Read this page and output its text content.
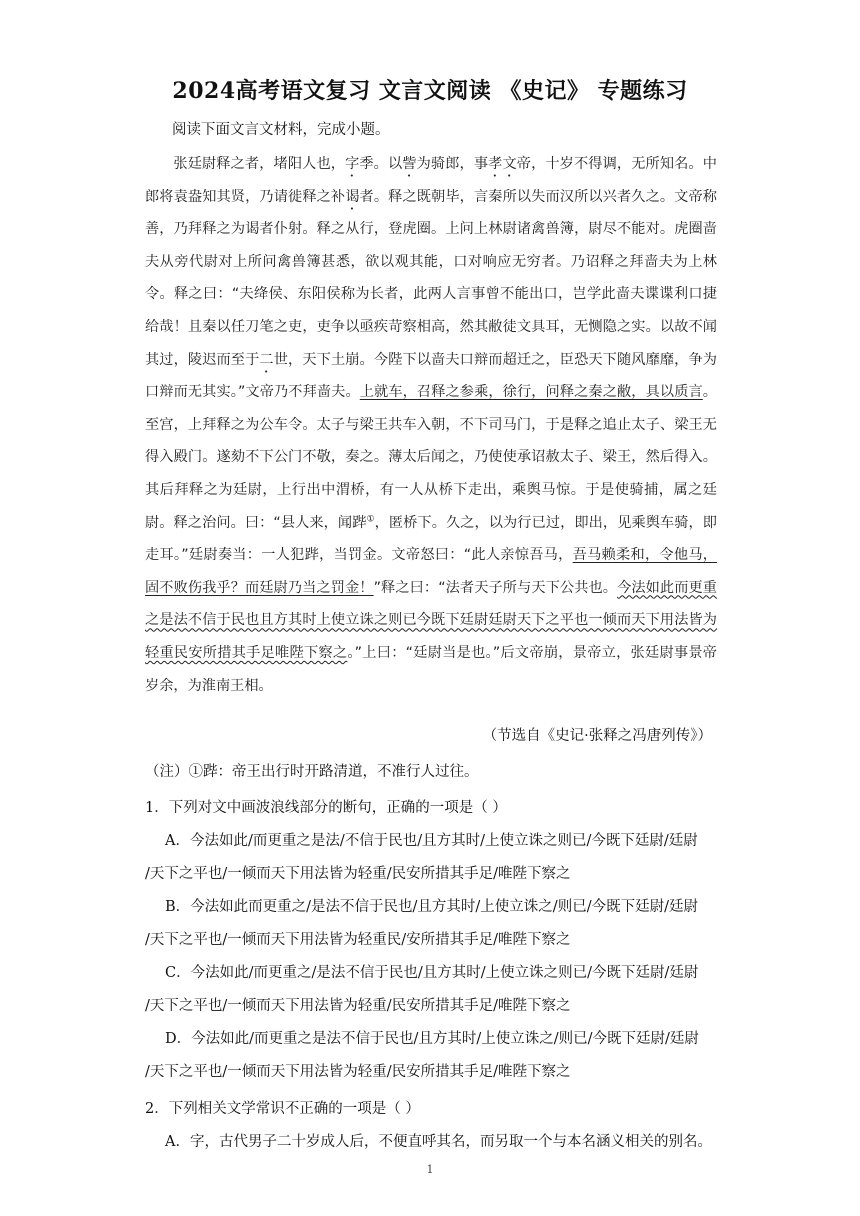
2024高考语文复习 文言文阅读 《史记》 专题练习
阅读下面文言文材料，完成小题。

张廷尉释之者，堵阳人也，字季。以訾为骑郎，事孝文帝，十岁不得调，无所知名。中郎将袁盎知其贤，乃请徙释之补谒者。释之既朝毕，言秦所以失而汉所以兴者久之。文帝称善，乃拜释之为谒者仆射。释之从行，登虎圈。上问上林尉诸禽兽簿，尉尽不能对。虎圈啬夫从旁代尉对上所问禽兽簿甚悉，欲以观其能，口对响应无穷者。乃诏释之拜啬夫为上林令。释之曰：“夫绛侯、东阳侯称为长者，此两人言事曾不能出口，岂学此啬夫谍谍利口捷给哉！且秦以任刀笔之吏，吏争以亟疾苛察相高，然其敝徒文具耳，无恻隐之实。以故不闻其过，陵迟而至于二世，天下土崩。今陛下以啬夫口辩而超迁之，臣恐天下随风靡靡，争为口辩而无其实。”文帝乃不拜啬夫。上就车，召释之参乘，徐行，问释之秦之敝，具以质言。至宫，上拜释之为公车令。太子与梁王共车入朝，不下司马门，于是释之追止太子、梁王无得入殿门。遂劾不下公门不敬，奏之。薄太后闻之，乃使使承诏赦太子、梁王，然后得入。其后拜释之为廷尉，上行出中渭桥，有一人从桥下走出，乘舆马惊。于是使骑捕，属之廷尉。释之治问。曰：“县人来，闻跸①，匿桥下。久之，以为行已过，即出，见乘舆车骑，即走耳。”廷尉奏当：一人犯跸，当罚金。文帝怒曰：“此人亲惊吾马，吾马赖柔和，令他马，固不败伤我乎？而廷尉乃当之罚金！”释之曰：“法者天子所与天下公共也。今法如此而更重之是法不信于民也且方其时上使立诛之则已今既下廷尉廷尉天下之平也一倾而天下用法皆为轻重民安所措其手足唯陛下察之。”上曰：“廷尉当是也。”后文帝崩，景帝立，张廷尉事景帝岁余，为淮南王相。

（节选自《史记·张释之冯唐列传》）
（注）①跸：帝王出行时开路清道，不准行人过往。
1．下列对文中画波浪线部分的断句，正确的一项是（ ）
A．今法如此/而更重之是法/不信于民也/且方其时/上使立诛之则已/今既下廷尉/廷尉
/天下之平也/一倾而天下用法皆为轻重/民安所措其手足/唯陛下察之
B．今法如此而更重之/是法不信于民也/且方其时/上使立诛之/则已/今既下廷尉/廷尉
/天下之平也/一倾而天下用法皆为轻重民/安所措其手足/唯陛下察之
C．今法如此/而更重之/是法不信于民也/且方其时/上使立诛之则已/今既下廷尉/廷尉
/天下之平也/一倾而天下用法皆为轻重/民安所措其手足/唯陛下察之
D．今法如此/而更重之是法不信于民也/且方其时/上使立诛之/则已/今既下廷尉/廷尉
/天下之平也/一倾而天下用法皆为轻重/民安所措其手足/唯陛下察之
2．下列相关文学常识不正确的一项是（ ）
A．字，古代男子二十岁成人后，不便直呼其名，而另取一个与本名涵义相关的别名。
1
